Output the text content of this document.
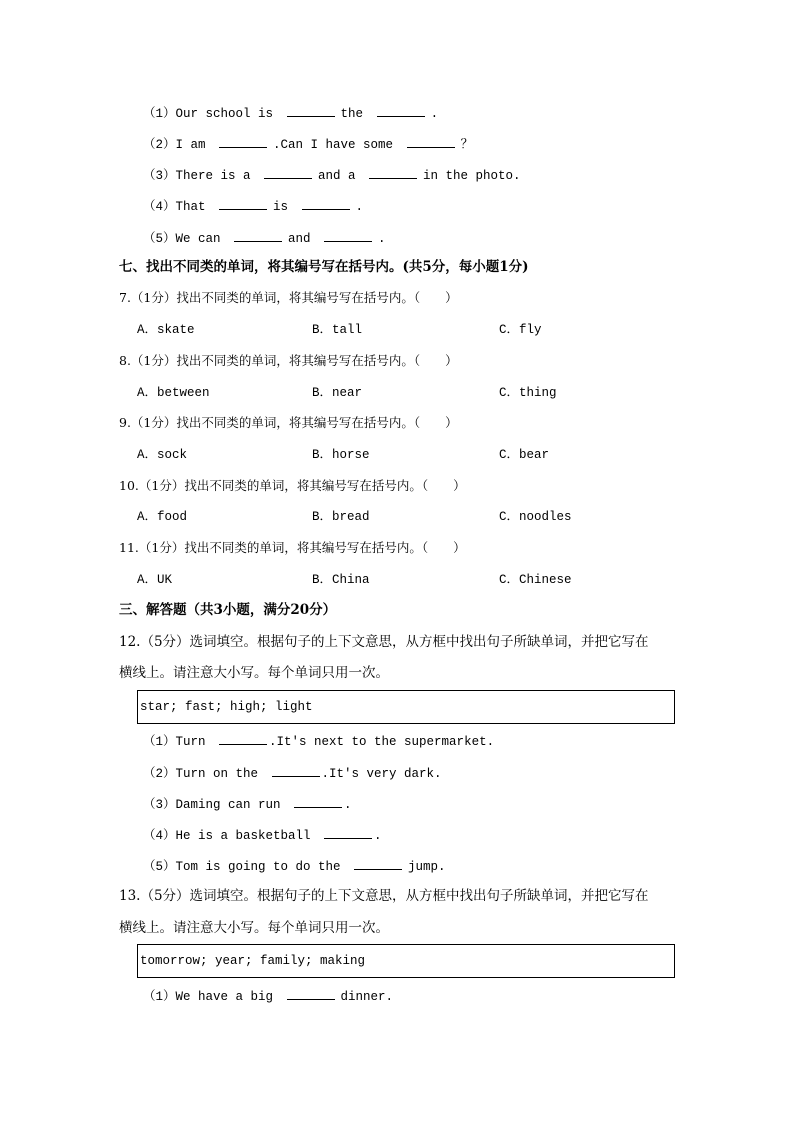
（1）Our school is	the	.
（2）I am	.Can I have some	？
（3）There is a	and a	in the photo.
（4）That	is	.
（5）We can	and	.
七、找出不同类的单词，将其编号写在括号内。(共5分，每小题1分)
7.（1分）找出不同类的单词，将其编号写在括号内。（　　）
A．skate	B．tall	C．fly
8.（1分）找出不同类的单词，将其编号写在括号内。（　　）
A．between	B．near	C．thing
9.（1分）找出不同类的单词，将其编号写在括号内。（　　）
A．sock	B．horse	C．bear
10.（1分）找出不同类的单词，将其编号写在括号内。（　　）
A．food	B．bread	C．noodles
11.（1分）找出不同类的单词，将其编号写在括号内。（　　）
A．UK	B．China	C．Chinese
三、解答题（共3小题，满分20分）
12.（5分）选词填空。根据句子的上下文意思，从方框中找出句子所缺单词，并把它写在
横线上。请注意大小写。每个单词只用一次。
star; fast; high; light
（1）Turn	.It's next to the supermarket.
（2）Turn on the	.It's very dark.
（3）Daming can run	.
（4）He is a basketball	.
（5）Tom is going to do the	jump.
13.（5分）选词填空。根据句子的上下文意思，从方框中找出句子所缺单词，并把它写在
横线上。请注意大小写。每个单词只用一次。
tomorrow; year; family; making
（1）We have a big	dinner.
